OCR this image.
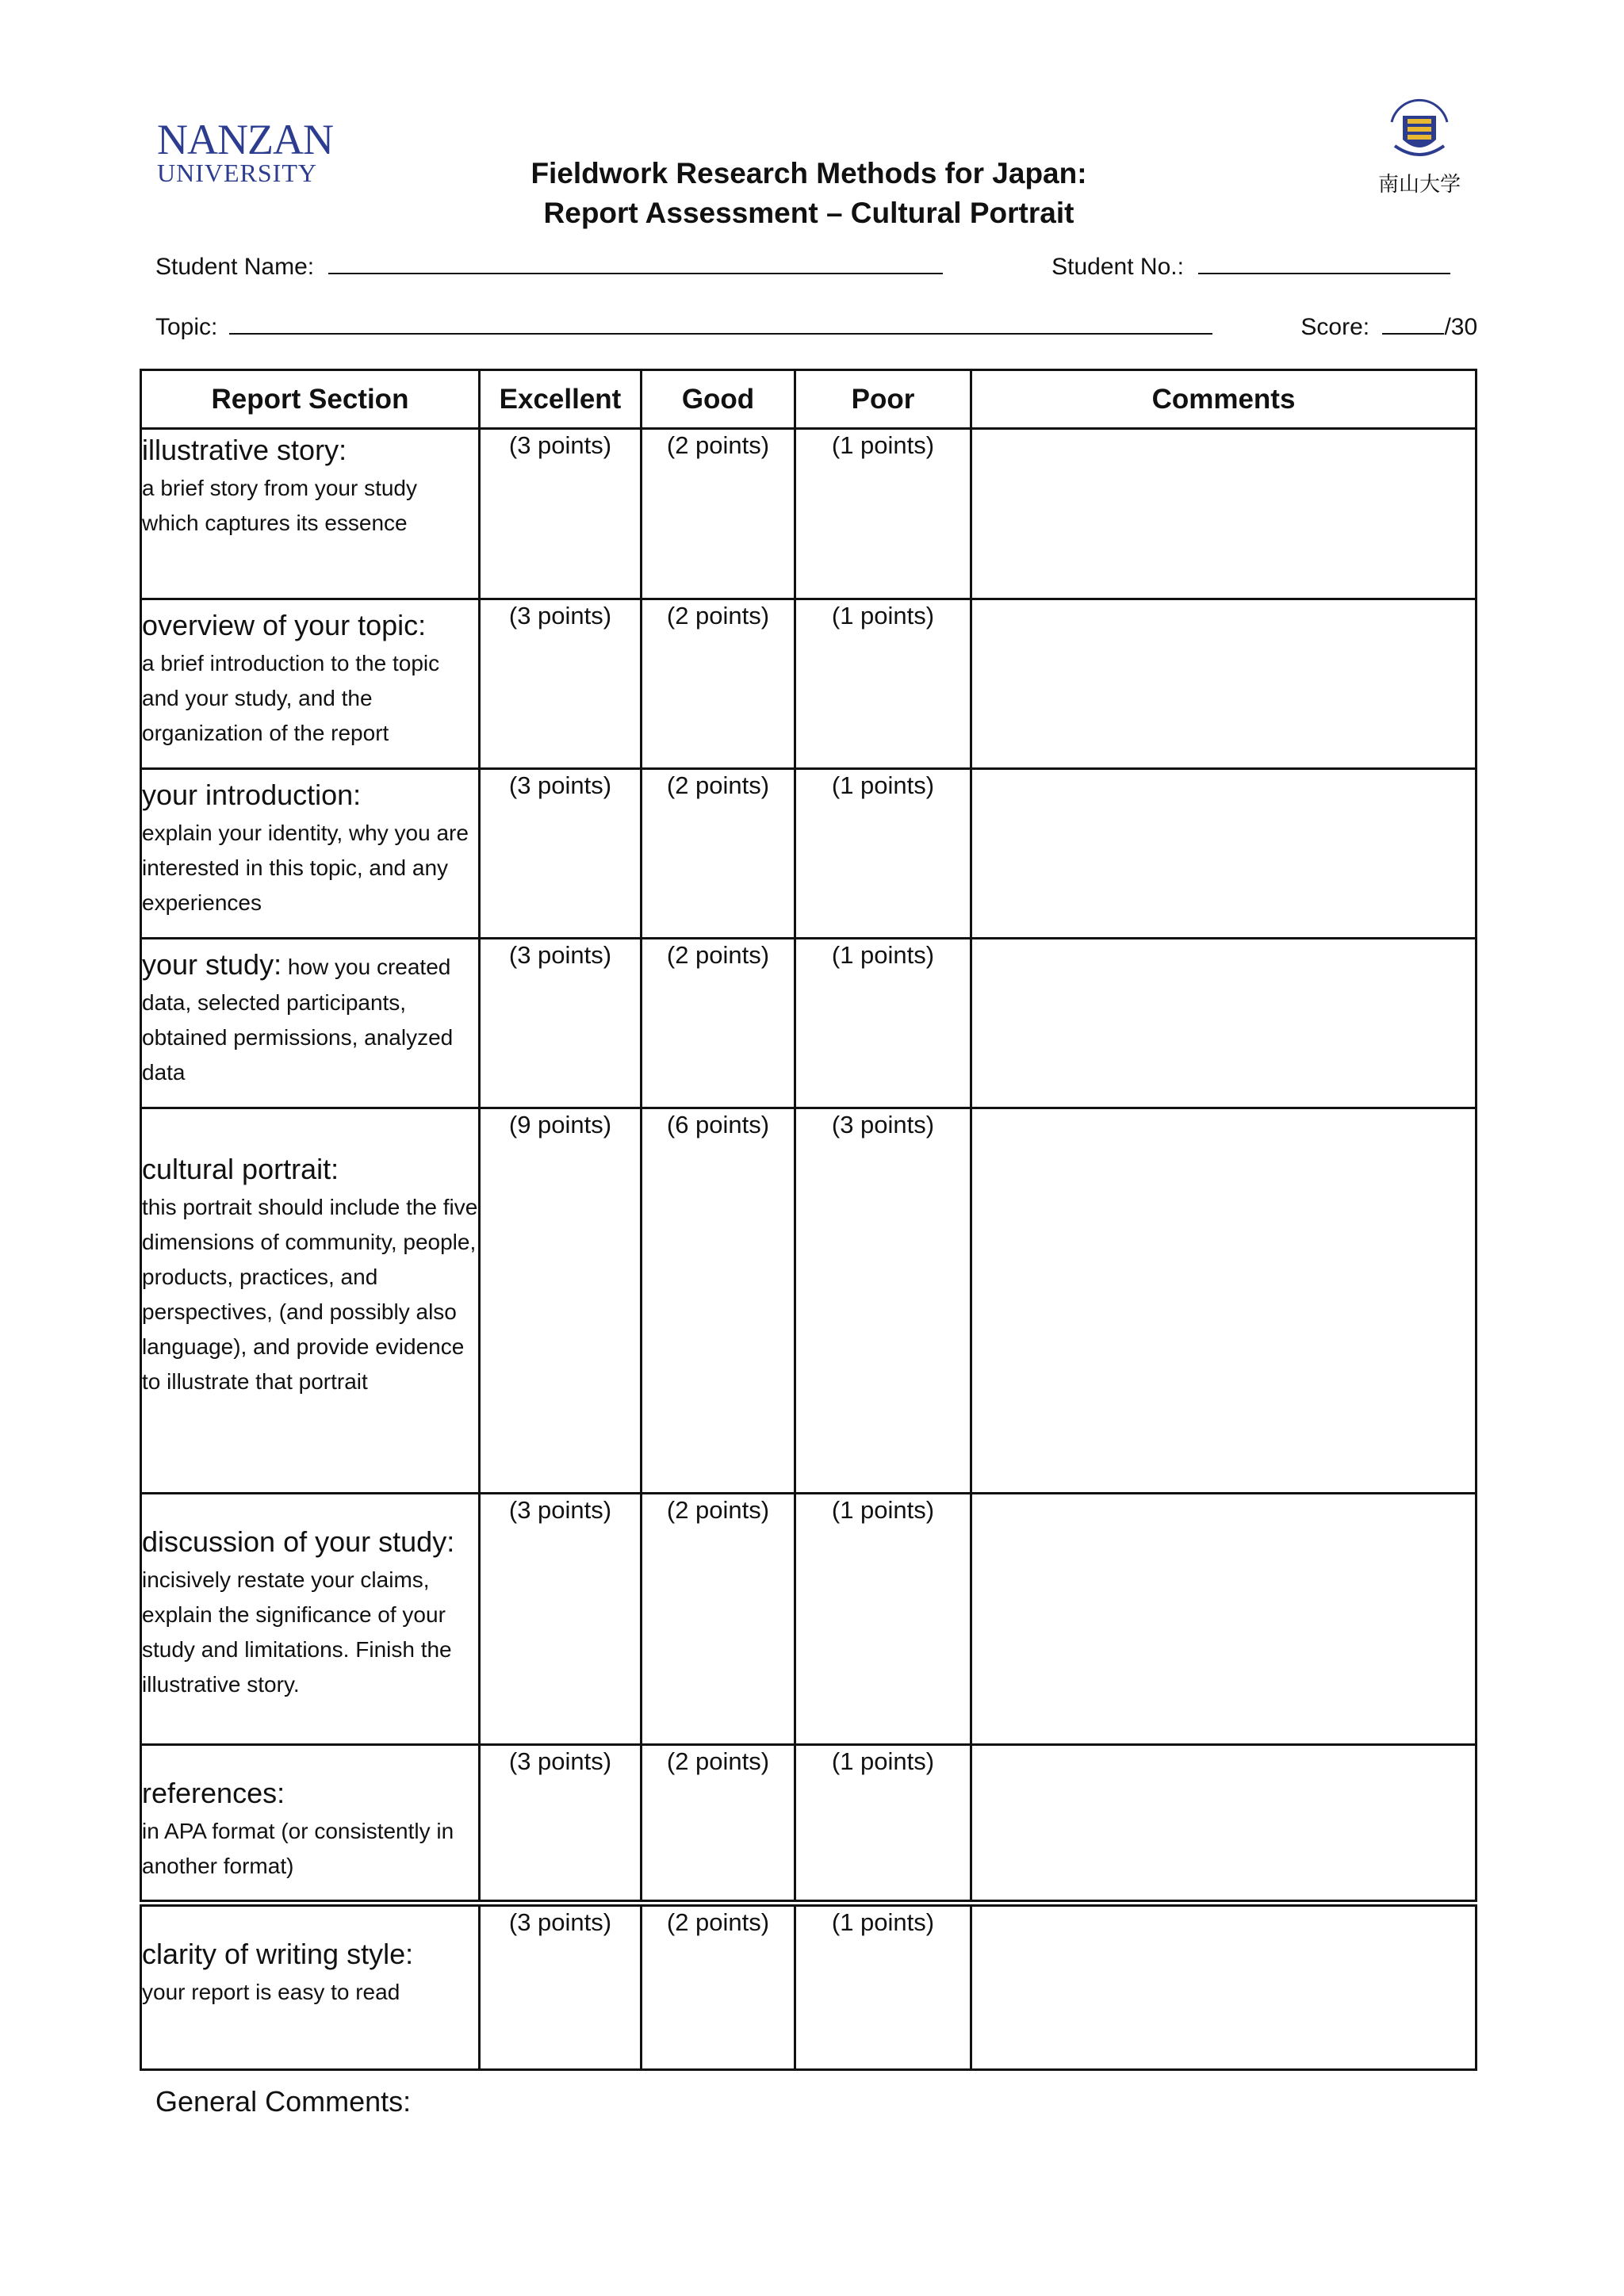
NANZAN
UNIVERSITY	南山大学
Fieldwork Research Methods for Japan:
Report Assessment – Cultural Portrait
Student Name:	Student No.:
Topic:	Score:	/30
Report Section	Excellent	Good	Poor	Comments

illustrative story:
a brief story from your study which captures its essence	(3 points)	(2 points)	(1 points)	

overview of your topic:
a brief introduction to the topic and your study, and the organization of the report	(3 points)	(2 points)	(1 points)	

your introduction:
explain your identity, why you are interested in this topic, and any experiences	(3 points)	(2 points)	(1 points)	

your study: how you created data, selected participants, obtained permissions, analyzed data	(3 points)	(2 points)	(1 points)	

cultural portrait:
this portrait should include the five dimensions of community, people, products, practices, and perspectives, (and possibly also language), and provide evidence to illustrate that portrait	(9 points)	(6 points)	(3 points)	

discussion of your study:
incisively restate your claims, explain the significance of your study and limitations. Finish the illustrative story.	(3 points)	(2 points)	(1 points)	

references:
in APA format (or consistently in another format)	(3 points)	(2 points)	(1 points)	

clarity of writing style:
your report is easy to read	(3 points)	(2 points)	(1 points)	
General Comments:
